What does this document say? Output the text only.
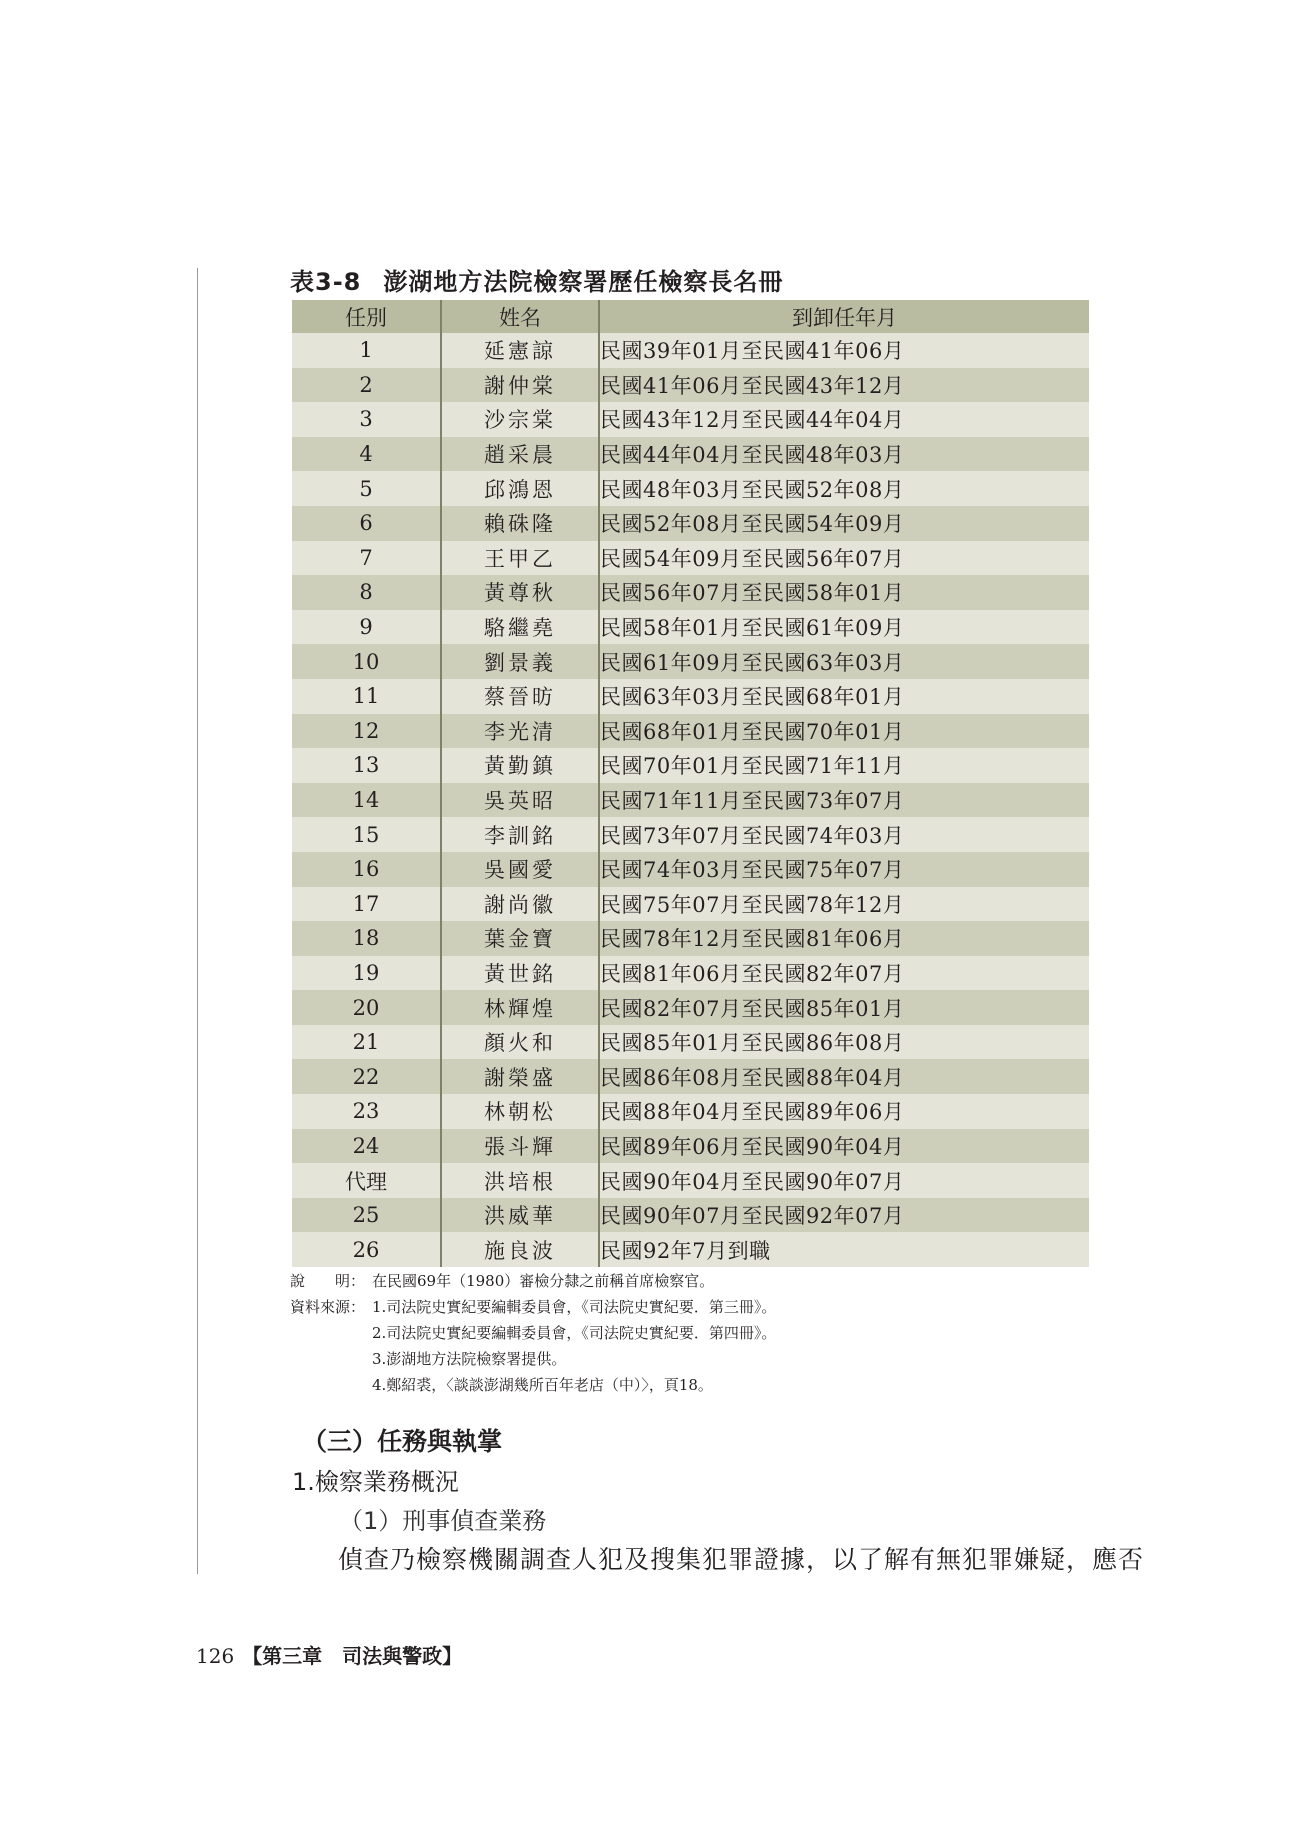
表3-8 澎湖地方法院檢察署歷任檢察長名冊
任別	姓名	到卸任年月
1	延憲諒	民國39年01月至民國41年06月
2	謝仲棠	民國41年06月至民國43年12月
3	沙宗棠	民國43年12月至民國44年04月
4	趙采晨	民國44年04月至民國48年03月
5	邱鴻恩	民國48年03月至民國52年08月
6	賴硃隆	民國52年08月至民國54年09月
7	王甲乙	民國54年09月至民國56年07月
8	黃尊秋	民國56年07月至民國58年01月
9	駱繼堯	民國58年01月至民國61年09月
10	劉景義	民國61年09月至民國63年03月
11	蔡晉昉	民國63年03月至民國68年01月
12	李光清	民國68年01月至民國70年01月
13	黃勤鎮	民國70年01月至民國71年11月
14	吳英昭	民國71年11月至民國73年07月
15	李訓銘	民國73年07月至民國74年03月
16	吳國愛	民國74年03月至民國75年07月
17	謝尚徽	民國75年07月至民國78年12月
18	葉金寶	民國78年12月至民國81年06月
19	黃世銘	民國81年06月至民國82年07月
20	林輝煌	民國82年07月至民國85年01月
21	顏火和	民國85年01月至民國86年08月
22	謝榮盛	民國86年08月至民國88年04月
23	林朝松	民國88年04月至民國89年06月
24	張斗輝	民國89年06月至民國90年04月
代理	洪培根	民國90年04月至民國90年07月
25	洪威華	民國90年07月至民國92年07月
26	施良波	民國92年7月到職

說　　明： 在民國69年（1980）審檢分隸之前稱首席檢察官。

資料來源： 1.司法院史實紀要編輯委員會，《司法院史實紀要．第三冊》。

2.司法院史實紀要編輯委員會，《司法院史實紀要．第四冊》。

3.澎湖地方法院檢察署提供。

4.鄭紹裘，〈談談澎湖幾所百年老店（中）〉，頁18。

（三）任務與執掌
1.檢察業務概況

（1）刑事偵查業務

偵查乃檢察機關調查人犯及搜集犯罪證據，以了解有無犯罪嫌疑，應否

126 【第三章　司法與警政】
